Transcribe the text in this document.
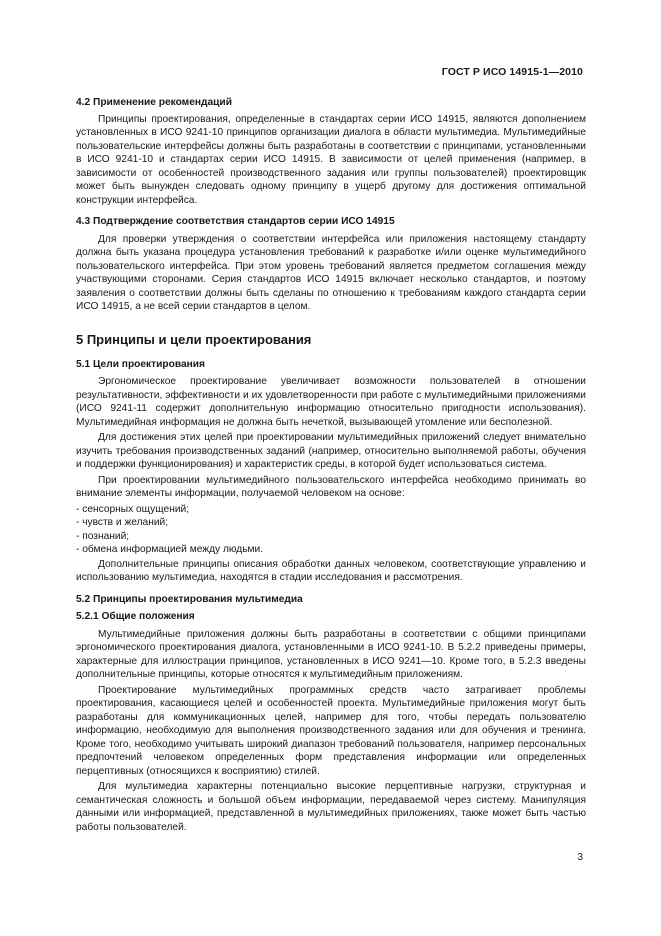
ГОСТ Р ИСО 14915-1—2010
4.2 Применение рекомендаций

Принципы проектирования, определенные в стандартах серии ИСО 14915, являются дополнением установленных в ИСО 9241-10 принципов организации диалога в области мультимедиа. Мультимедийные пользовательские интерфейсы должны быть разработаны в соответствии с принципами, установленными в ИСО 9241-10 и стандартах серии ИСО 14915. В зависимости от целей применения (например, в зависимости от особенностей производственного задания или группы пользователей) проектировщик может быть вынужден следовать одному принципу в ущерб другому для достижения оптимальной конструкции интерфейса.

4.3 Подтверждение соответствия стандартов серии ИСО 14915

Для проверки утверждения о соответствии интерфейса или приложения настоящему стандарту должна быть указана процедура установления требований к разработке и/или оценке мультимедийного пользовательского интерфейса. При этом уровень требований является предметом соглашения между участвующими сторонами. Серия стандартов ИСО 14915 включает несколько стандартов, и поэтому заявления о соответствии должны быть сделаны по отношению к требованиям каждого стандарта серии ИСО 14915, а не всей серии стандартов в целом.

5 Принципы и цели проектирования
5.1 Цели проектирования

Эргономическое проектирование увеличивает возможности пользователей в отношении результативности, эффективности и их удовлетворенности при работе с мультимедийными приложениями (ИСО 9241-11 содержит дополнительную информацию относительно пригодности использования). Мультимедийная информация не должна быть нечеткой, вызывающей утомление или бесполезной.

Для достижения этих целей при проектировании мультимедийных приложений следует внимательно изучить требования производственных заданий (например, относительно выполняемой работы, обучения и поддержки функционирования) и характеристик среды, в которой будет использоваться система.

При проектировании мультимедийного пользовательского интерфейса необходимо принимать во внимание элементы информации, получаемой человеком на основе:

- сенсорных ощущений;
- чувств и желаний;
- познаний;
- обмена информацией между людьми.

Дополнительные принципы описания обработки данных человеком, соответствующие управлению и использованию мультимедиа, находятся в стадии исследования и рассмотрения.

5.2 Принципы проектирования мультимедиа
5.2.1 Общие положения

Мультимедийные приложения должны быть разработаны в соответствии с общими принципами эргономического проектирования диалога, установленными в ИСО 9241-10. В 5.2.2 приведены примеры, характерные для иллюстрации принципов, установленных в ИСО 9241—10. Кроме того, в 5.2.3 введены дополнительные принципы, которые относятся к мультимедийным приложениям.

Проектирование мультимедийных программных средств часто затрагивает проблемы проектирования, касающиеся целей и особенностей проекта. Мультимедийные приложения могут быть разработаны для коммуникационных целей, например для того, чтобы передать пользователю информацию, необходимую для выполнения производственного задания или для обучения и тренинга. Кроме того, необходимо учитывать широкий диапазон требований пользователя, например персональных предпочтений человеком определенных форм представления информации или определенных перцептивных (относящихся к восприятию) стилей.

Для мультимедиа характерны потенциально высокие перцептивные нагрузки, структурная и семантическая сложность и большой объем информации, передаваемой через систему. Манипуляция данными или информацией, представленной в мультимедийных приложениях, также может быть частью работы пользователей.

3
